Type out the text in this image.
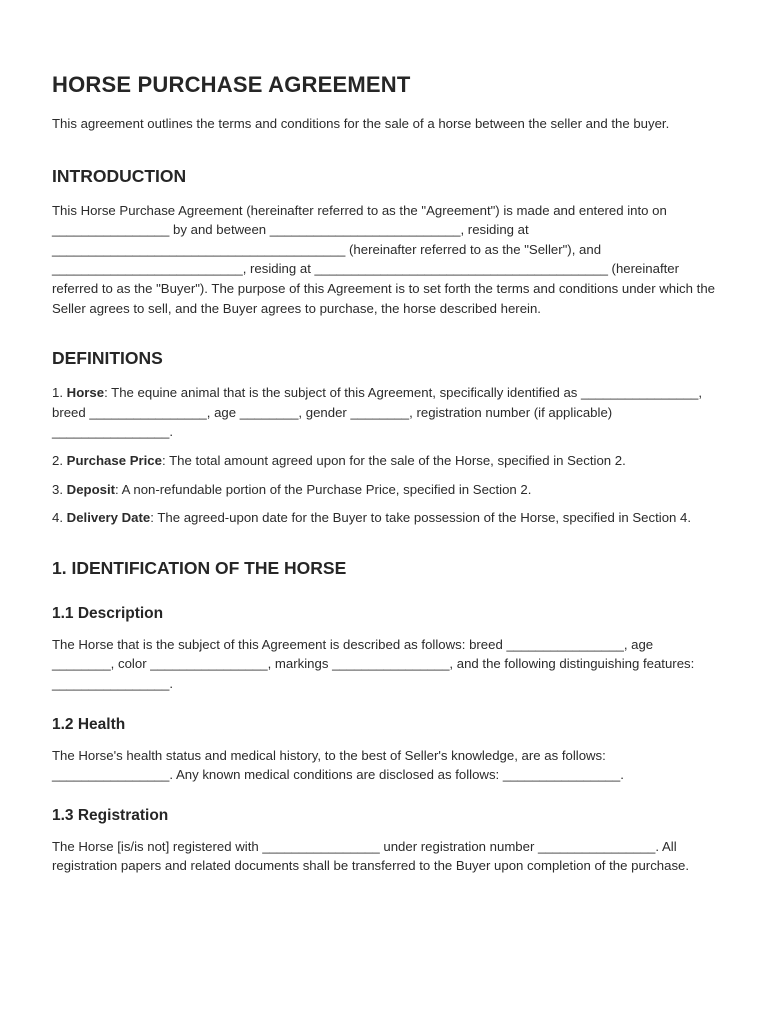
HORSE PURCHASE AGREEMENT

This agreement outlines the terms and conditions for the sale of a horse between the seller and the buyer.

INTRODUCTION

This Horse Purchase Agreement (hereinafter referred to as the "Agreement") is made and entered into on ________________ by and between __________________________, residing at ________________________________________ (hereinafter referred to as the "Seller"), and __________________________, residing at ________________________________________ (hereinafter referred to as the "Buyer"). The purpose of this Agreement is to set forth the terms and conditions under which the Seller agrees to sell, and the Buyer agrees to purchase, the horse described herein.

DEFINITIONS

1. Horse: The equine animal that is the subject of this Agreement, specifically identified as ________________, breed ________________, age ________, gender ________, registration number (if applicable) ________________.

2. Purchase Price: The total amount agreed upon for the sale of the Horse, specified in Section 2.

3. Deposit: A non-refundable portion of the Purchase Price, specified in Section 2.

4. Delivery Date: The agreed-upon date for the Buyer to take possession of the Horse, specified in Section 4.

1. IDENTIFICATION OF THE HORSE
1.1 Description

The Horse that is the subject of this Agreement is described as follows: breed ________________, age ________, color ________________, markings ________________, and the following distinguishing features: ________________.

1.2 Health

The Horse's health status and medical history, to the best of Seller's knowledge, are as follows: ________________. Any known medical conditions are disclosed as follows: ________________.

1.3 Registration

The Horse [is/is not] registered with ________________ under registration number ________________. All registration papers and related documents shall be transferred to the Buyer upon completion of the purchase.
